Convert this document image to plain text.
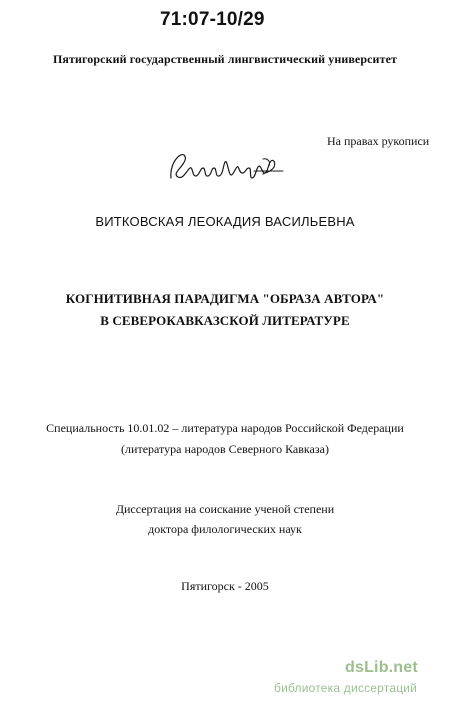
71:07-10/29
Пятигорский государственный лингвистический университет
На правах рукописи
ВИТКОВСКАЯ ЛЕОКАДИЯ ВАСИЛЬЕВНА
КОГНИТИВНАЯ ПАРАДИГМА "ОБРАЗА АВТОРА"
В СЕВЕРОКАВКАЗСКОЙ ЛИТЕРАТУРЕ
Специальность 10.01.02 – литература народов Российской Федерации
(литература народов Северного Кавказа)
Диссертация на соискание ученой степени
доктора филологических наук
Пятигорск - 2005
dsLib.net
библиотека диссертаций
